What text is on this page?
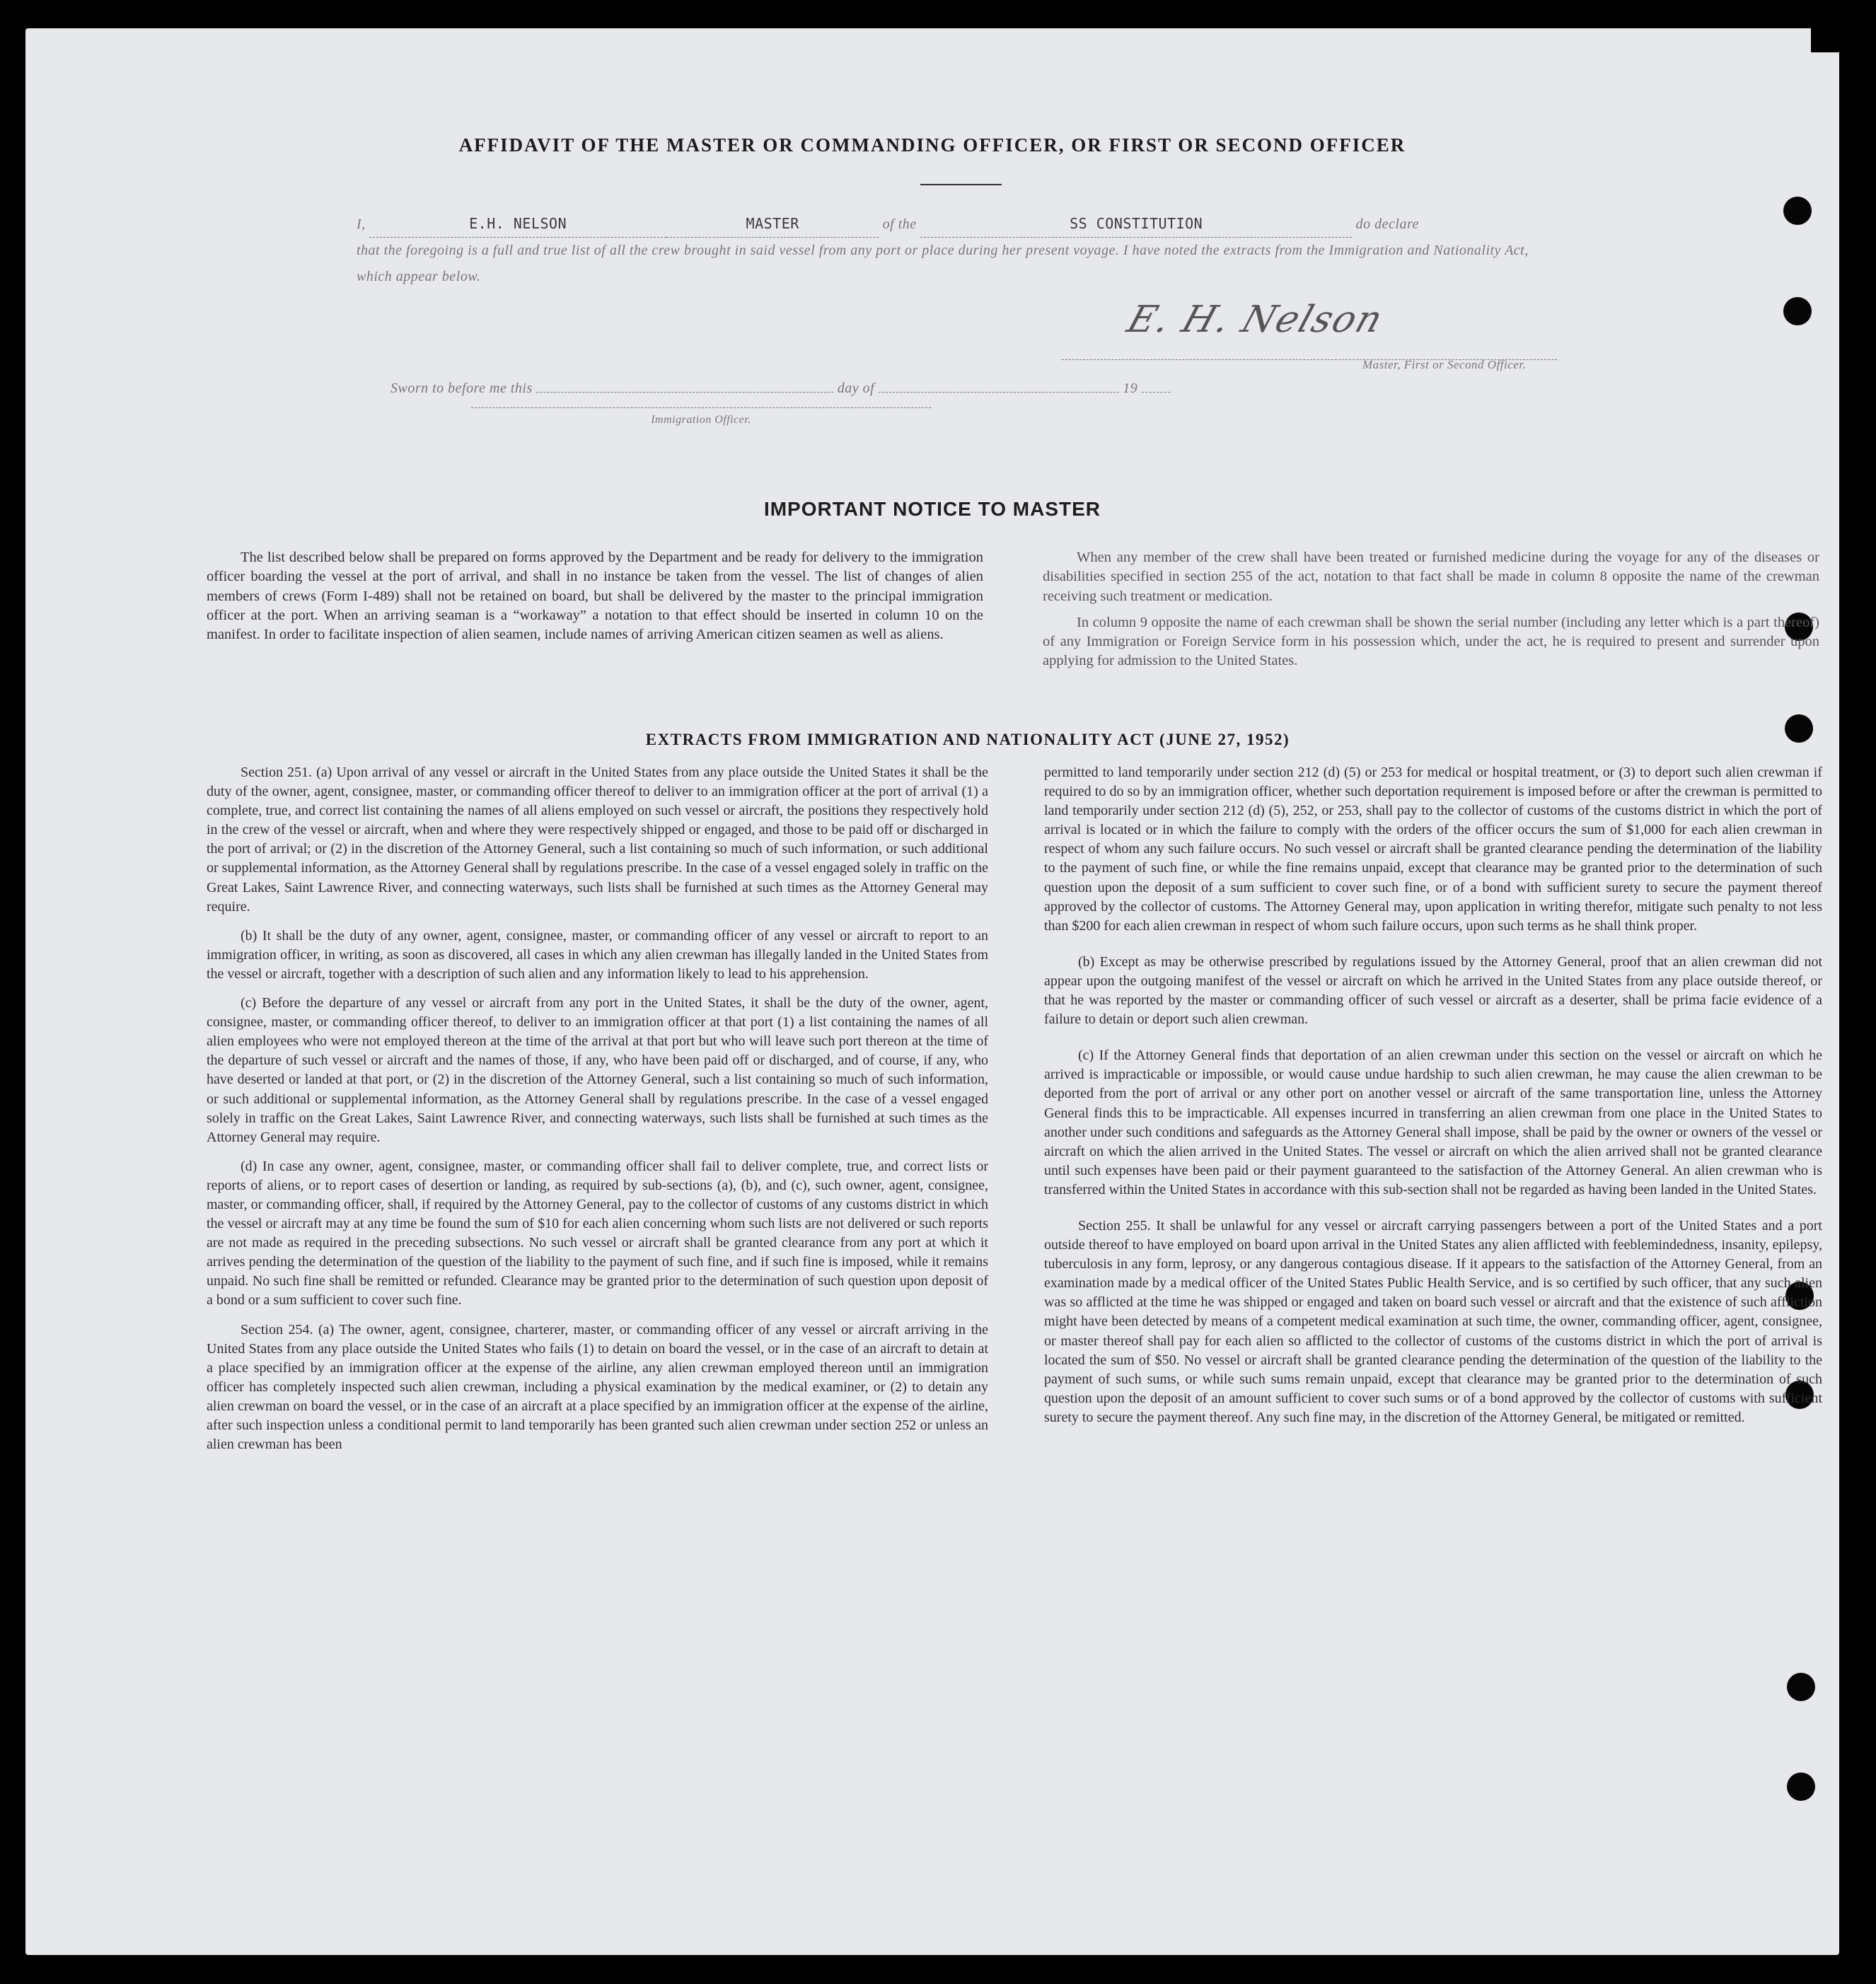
AFFIDAVIT OF THE MASTER OR COMMANDING OFFICER, OR FIRST OR SECOND OFFICER
I,	E.H. NELSON	MASTER	of the	SS CONSTITUTION	do declare
that the foregoing is a full and true list of all the crew brought in said vessel from any port or place during her present voyage. I have noted the extracts from the Immigration and Nationality Act, which appear below.
E. H. Nelson
Master, First or Second Officer.
Sworn to before me this	day of	19
Immigration Officer.
IMPORTANT NOTICE TO MASTER

The list described below shall be prepared on forms approved by the Department and be ready for delivery to the immigration officer boarding the vessel at the port of arrival, and shall in no instance be taken from the vessel. The list of changes of alien members of crews (Form I-489) shall not be retained on board, but shall be delivered by the master to the principal immigration officer at the port. When an arriving seaman is a “workaway” a notation to that effect should be inserted in column 10 on the manifest. In order to facilitate inspection of alien seamen, include names of arriving American citizen seamen as well as aliens.

When any member of the crew shall have been treated or furnished medicine during the voyage for any of the diseases or disabilities specified in section 255 of the act, notation to that fact shall be made in column 8 opposite the name of the crewman receiving such treatment or medication.

In column 9 opposite the name of each crewman shall be shown the serial number (including any letter which is a part thereof) of any Immigration or Foreign Service form in his possession which, under the act, he is required to present and surrender upon applying for admission to the United States.

EXTRACTS FROM IMMIGRATION AND NATIONALITY ACT (JUNE 27, 1952)

Section 251. (a) Upon arrival of any vessel or aircraft in the United States from any place outside the United States it shall be the duty of the owner, agent, consignee, master, or commanding officer thereof to deliver to an immigration officer at the port of arrival (1) a complete, true, and correct list containing the names of all aliens employed on such vessel or aircraft, the positions they respectively hold in the crew of the vessel or aircraft, when and where they were respectively shipped or engaged, and those to be paid off or discharged in the port of arrival; or (2) in the discretion of the Attorney General, such a list containing so much of such information, or such additional or supplemental information, as the Attorney General shall by regulations prescribe. In the case of a vessel engaged solely in traffic on the Great Lakes, Saint Lawrence River, and connecting waterways, such lists shall be furnished at such times as the Attorney General may require.

(b) It shall be the duty of any owner, agent, consignee, master, or commanding officer of any vessel or aircraft to report to an immigration officer, in writing, as soon as discovered, all cases in which any alien crewman has illegally landed in the United States from the vessel or aircraft, together with a description of such alien and any information likely to lead to his apprehension.

(c) Before the departure of any vessel or aircraft from any port in the United States, it shall be the duty of the owner, agent, consignee, master, or commanding officer thereof, to deliver to an immigration officer at that port (1) a list containing the names of all alien employees who were not employed thereon at the time of the arrival at that port but who will leave such port thereon at the time of the departure of such vessel or aircraft and the names of those, if any, who have been paid off or discharged, and of course, if any, who have deserted or landed at that port, or (2) in the discretion of the Attorney General, such a list containing so much of such information, or such additional or supplemental information, as the Attorney General shall by regulations prescribe. In the case of a vessel engaged solely in traffic on the Great Lakes, Saint Lawrence River, and connecting waterways, such lists shall be furnished at such times as the Attorney General may require.

(d) In case any owner, agent, consignee, master, or commanding officer shall fail to deliver complete, true, and correct lists or reports of aliens, or to report cases of desertion or landing, as required by sub-sections (a), (b), and (c), such owner, agent, consignee, master, or commanding officer, shall, if required by the Attorney General, pay to the collector of customs of any customs district in which the vessel or aircraft may at any time be found the sum of $10 for each alien concerning whom such lists are not delivered or such reports are not made as required in the preceding subsections. No such vessel or aircraft shall be granted clearance from any port at which it arrives pending the determination of the question of the liability to the payment of such fine, and if such fine is imposed, while it remains unpaid. No such fine shall be remitted or refunded. Clearance may be granted prior to the determination of such question upon deposit of a bond or a sum sufficient to cover such fine.

Section 254. (a) The owner, agent, consignee, charterer, master, or commanding officer of any vessel or aircraft arriving in the United States from any place outside the United States who fails (1) to detain on board the vessel, or in the case of an aircraft to detain at a place specified by an immigration officer at the expense of the airline, any alien crewman employed thereon until an immigration officer has completely inspected such alien crewman, including a physical examination by the medical examiner, or (2) to detain any alien crewman on board the vessel, or in the case of an aircraft at a place specified by an immigration officer at the expense of the airline, after such inspection unless a conditional permit to land temporarily has been granted such alien crewman under section 252 or unless an alien crewman has been

permitted to land temporarily under section 212 (d) (5) or 253 for medical or hospital treatment, or (3) to deport such alien crewman if required to do so by an immigration officer, whether such deportation requirement is imposed before or after the crewman is permitted to land temporarily under section 212 (d) (5), 252, or 253, shall pay to the collector of customs of the customs district in which the port of arrival is located or in which the failure to comply with the orders of the officer occurs the sum of $1,000 for each alien crewman in respect of whom any such failure occurs. No such vessel or aircraft shall be granted clearance pending the determination of the liability to the payment of such fine, or while the fine remains unpaid, except that clearance may be granted prior to the determination of such question upon the deposit of a sum sufficient to cover such fine, or of a bond with sufficient surety to secure the payment thereof approved by the collector of customs. The Attorney General may, upon application in writing therefor, mitigate such penalty to not less than $200 for each alien crewman in respect of whom such failure occurs, upon such terms as he shall think proper.

(b) Except as may be otherwise prescribed by regulations issued by the Attorney General, proof that an alien crewman did not appear upon the outgoing manifest of the vessel or aircraft on which he arrived in the United States from any place outside thereof, or that he was reported by the master or commanding officer of such vessel or aircraft as a deserter, shall be prima facie evidence of a failure to detain or deport such alien crewman.

(c) If the Attorney General finds that deportation of an alien crewman under this section on the vessel or aircraft on which he arrived is impracticable or impossible, or would cause undue hardship to such alien crewman, he may cause the alien crewman to be deported from the port of arrival or any other port on another vessel or aircraft of the same transportation line, unless the Attorney General finds this to be impracticable. All expenses incurred in transferring an alien crewman from one place in the United States to another under such conditions and safeguards as the Attorney General shall impose, shall be paid by the owner or owners of the vessel or aircraft on which the alien arrived in the United States. The vessel or aircraft on which the alien arrived shall not be granted clearance until such expenses have been paid or their payment guaranteed to the satisfaction of the Attorney General. An alien crewman who is transferred within the United States in accordance with this sub-section shall not be regarded as having been landed in the United States.

Section 255. It shall be unlawful for any vessel or aircraft carrying passengers between a port of the United States and a port outside thereof to have employed on board upon arrival in the United States any alien afflicted with feeblemindedness, insanity, epilepsy, tuberculosis in any form, leprosy, or any dangerous contagious disease. If it appears to the satisfaction of the Attorney General, from an examination made by a medical officer of the United States Public Health Service, and is so certified by such officer, that any such alien was so afflicted at the time he was shipped or engaged and taken on board such vessel or aircraft and that the existence of such affliction might have been detected by means of a competent medical examination at such time, the owner, commanding officer, agent, consignee, or master thereof shall pay for each alien so afflicted to the collector of customs of the customs district in which the port of arrival is located the sum of $50. No vessel or aircraft shall be granted clearance pending the determination of the question of the liability to the payment of such sums, or while such sums remain unpaid, except that clearance may be granted prior to the determination of such question upon the deposit of an amount sufficient to cover such sums or of a bond approved by the collector of customs with sufficient surety to secure the payment thereof. Any such fine may, in the discretion of the Attorney General, be mitigated or remitted.
